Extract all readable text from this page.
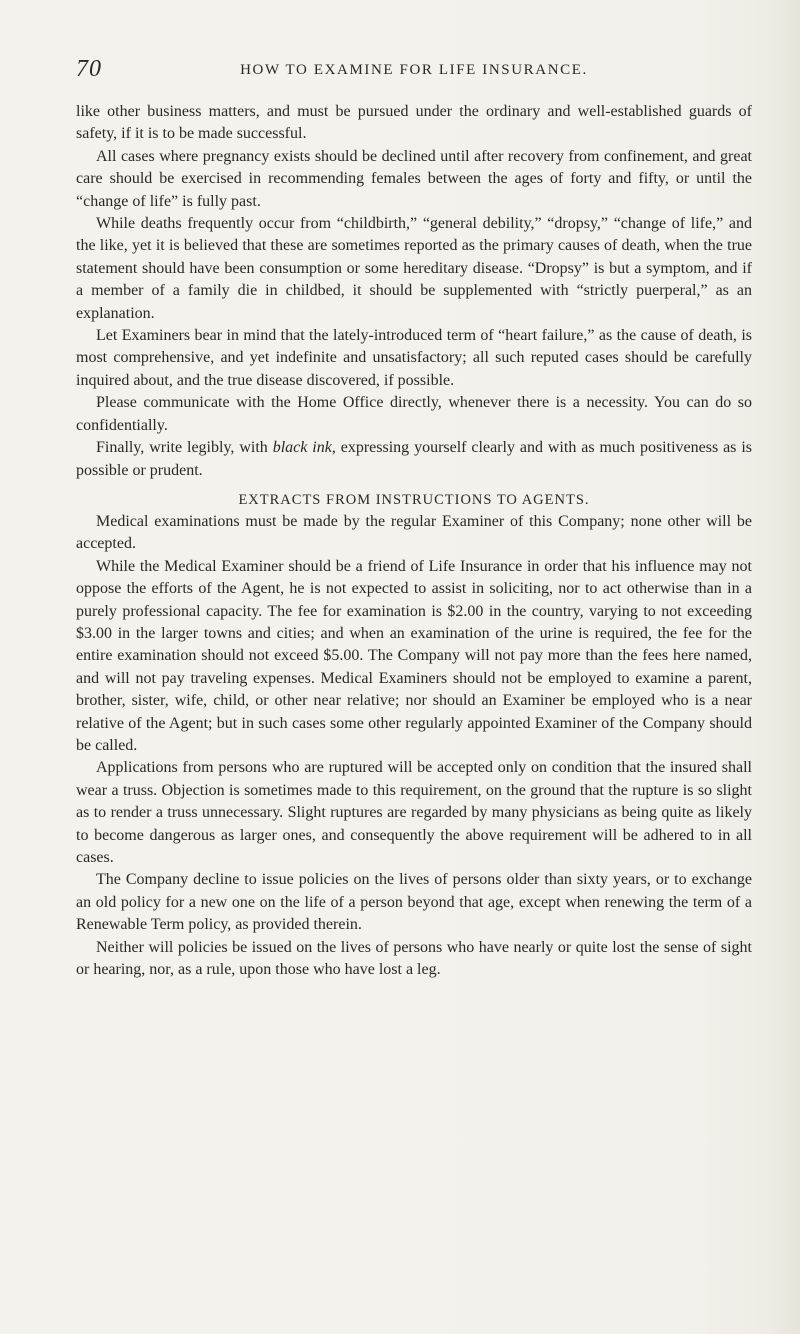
70	HOW TO EXAMINE FOR LIFE INSURANCE.

like other business matters, and must be pursued under the ordinary and well-established guards of safety, if it is to be made successful.

All cases where pregnancy exists should be declined until after recovery from confinement, and great care should be exercised in recommending females between the ages of forty and fifty, or until the “change of life” is fully past.

While deaths frequently occur from “childbirth,” “general debility,” “dropsy,” “change of life,” and the like, yet it is believed that these are sometimes reported as the primary causes of death, when the true statement should have been consumption or some hereditary disease. “Dropsy” is but a symptom, and if a member of a family die in childbed, it should be supplemented with “strictly puerperal,” as an explanation.

Let Examiners bear in mind that the lately-introduced term of “heart failure,” as the cause of death, is most comprehensive, and yet indefinite and unsatisfactory; all such reputed cases should be carefully inquired about, and the true disease discovered, if possible.

Please communicate with the Home Office directly, whenever there is a necessity. You can do so confidentially.

Finally, write legibly, with black ink, expressing yourself clearly and with as much positiveness as is possible or prudent.

EXTRACTS FROM INSTRUCTIONS TO AGENTS.

Medical examinations must be made by the regular Examiner of this Company; none other will be accepted.

While the Medical Examiner should be a friend of Life Insurance in order that his influence may not oppose the efforts of the Agent, he is not expected to assist in soliciting, nor to act otherwise than in a purely professional capacity. The fee for examination is $2.00 in the country, varying to not exceeding $3.00 in the larger towns and cities; and when an examination of the urine is required, the fee for the entire examination should not exceed $5.00. The Company will not pay more than the fees here named, and will not pay traveling expenses. Medical Examiners should not be employed to examine a parent, brother, sister, wife, child, or other near relative; nor should an Examiner be employed who is a near relative of the Agent; but in such cases some other regularly appointed Examiner of the Company should be called.

Applications from persons who are ruptured will be accepted only on condition that the insured shall wear a truss. Objection is sometimes made to this requirement, on the ground that the rupture is so slight as to render a truss unnecessary. Slight ruptures are regarded by many physicians as being quite as likely to become dangerous as larger ones, and consequently the above requirement will be adhered to in all cases.

The Company decline to issue policies on the lives of persons older than sixty years, or to exchange an old policy for a new one on the life of a person beyond that age, except when renewing the term of a Renewable Term policy, as provided therein.

Neither will policies be issued on the lives of persons who have nearly or quite lost the sense of sight or hearing, nor, as a rule, upon those who have lost a leg.
